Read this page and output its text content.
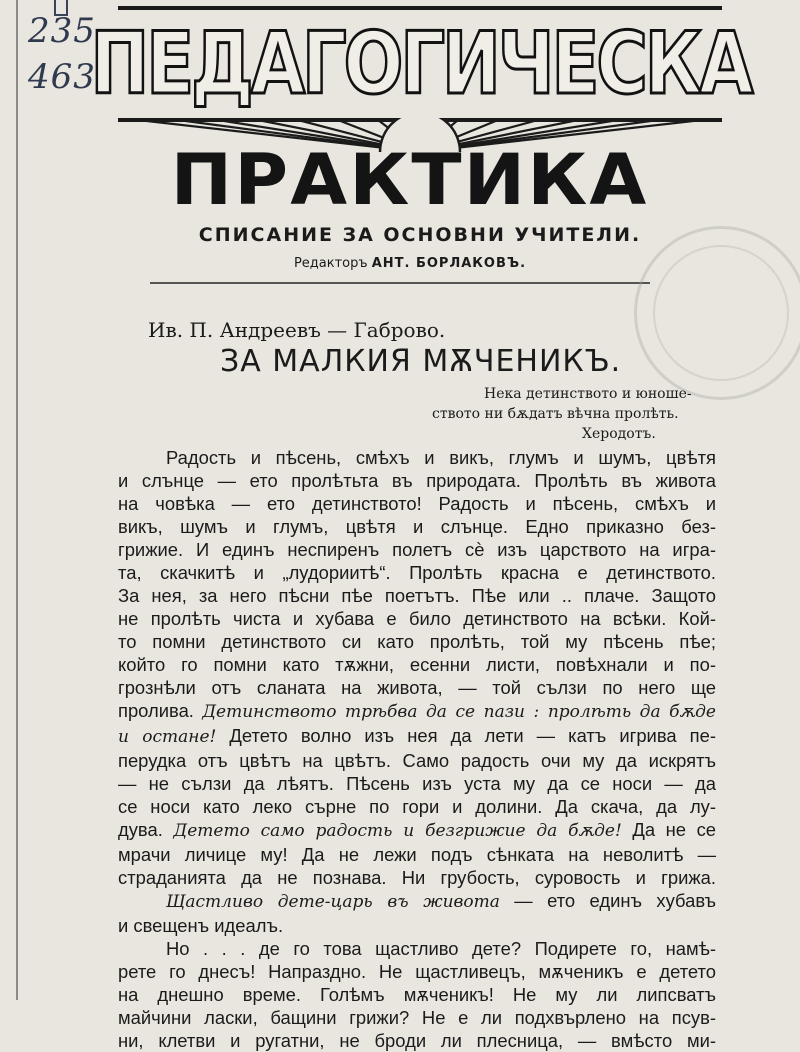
235
463
ПЕДАГОГИЧЕСКА
ПРАКТИКА
СПИСАНИЕ ЗА ОСНОВНИ УЧИТЕЛИ.
Редакторъ АНТ. БОРЛАКОВЪ.
Ив. П. Андреевъ — Габрово.
ЗА МАЛКИЯ МѪЧЕНИКЪ.
Нека детинството и юноше-
ството ни бѫдатъ вѣчна пролѣть.
Херодотъ.
Радость и пѣсень, смѣхъ и викъ, глумъ и шумъ, цвѣтя
и слънце — ето пролѣтьта въ природата. Пролѣть въ живота
на човѣка — ето детинството! Радость и пѣсень, смѣхъ и
викъ, шумъ и глумъ, цвѣтя и слънце. Едно приказно без-
грижие. И единъ неспиренъ полетъ сѐ изъ царството на игра-
та, скачкитѣ и „лудориитѣ“. Пролѣть красна е детинството.
За нея, за него пѣсни пѣе поетътъ. Пѣе или .. плаче. Защото
не пролѣть чиста и хубава е било детинството на всѣки. Кой-
то помни детинството си като пролѣть, той му пѣсень пѣе;
който го помни като тѫжни, есенни листи, повѣхнали и по-
грознѣли отъ сланата на живота, — той сълзи по него ще
пролива. Детинството трѣбва да се пази : пролѣть да бѫде
и остане! Детето волно изъ нея да лети — катъ игрива пе-
перудка отъ цвѣтъ на цвѣтъ. Само радость очи му да искрятъ
— не сълзи да лѣятъ. Пѣсень изъ уста му да се носи — да
се носи като леко сърне по гори и долини. Да скача, да лу-
дува. Детето само радость и безгрижие да бѫде! Да не се
мрачи личице му! Да не лежи подъ сѣнката на неволитѣ —
страданията да не познава. Ни грубость, суровость и грижа.
Щастливо дете-царь въ живота — ето единъ хубавъ
и свещенъ идеалъ.
Но . . . де го това щастливо дете? Подирете го, намѣ-
рете го днесъ! Напраздно. Не щастливецъ, мѫченикъ е детето
на днешно време. Голѣмъ мѫченикъ! Не му ли липсватъ
майчини ласки, бащини грижи? Не е ли подхвърлено на псув-
ни, клетви и ругатни, не броди ли плесница, — вмѣсто ми-
